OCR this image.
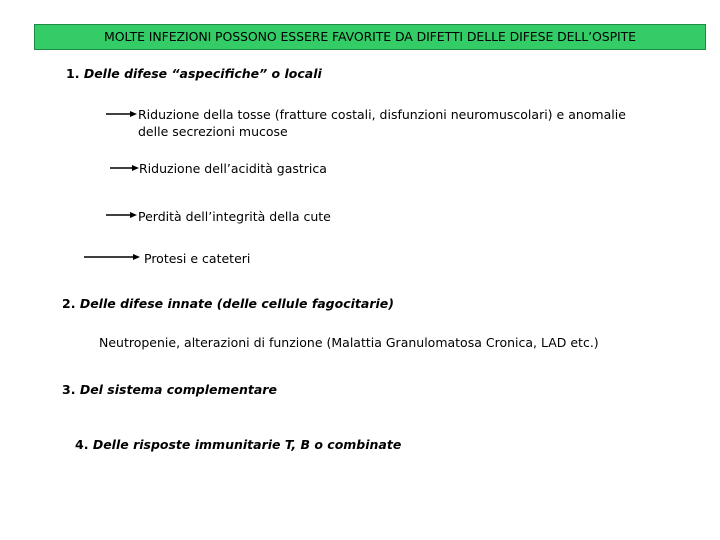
MOLTE INFEZIONI POSSONO ESSERE FAVORITE DA DIFETTI DELLE DIFESE DELL’OSPITE
1. Delle difese “aspecifiche” o locali
Riduzione della tosse (fratture costali, disfunzioni neuromuscolari) e anomalie
delle secrezioni mucose
Riduzione dell’acidità gastrica
Perdità dell’integrità della cute
Protesi e cateteri
2. Delle difese innate (delle cellule fagocitarie)
Neutropenie, alterazioni di funzione (Malattia Granulomatosa Cronica, LAD etc.)
3. Del sistema complementare
4. Delle risposte immunitarie T, B o combinate
